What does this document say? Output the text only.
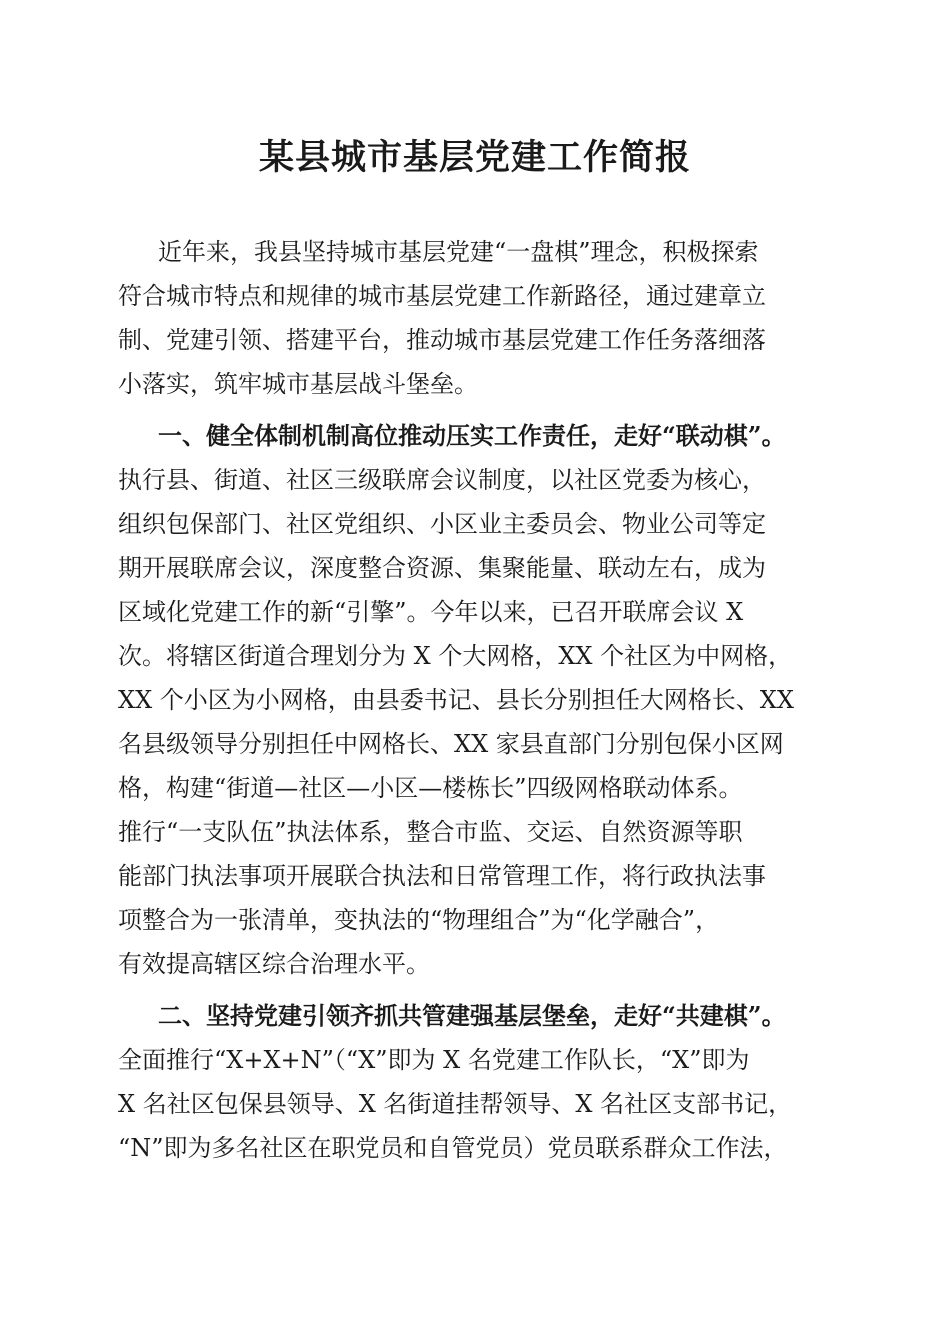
某县城市基层党建工作简报
近年来，我县坚持城市基层党建“一盘棋”理念，积极探索
符合城市特点和规律的城市基层党建工作新路径，通过建章立
制、党建引领、搭建平台，推动城市基层党建工作任务落细落
小落实，筑牢城市基层战斗堡垒。
一、健全体制机制高位推动压实工作责任，走好“联动棋”。
执行县、街道、社区三级联席会议制度，以社区党委为核心，
组织包保部门、社区党组织、小区业主委员会、物业公司等定
期开展联席会议，深度整合资源、集聚能量、联动左右，成为
区域化党建工作的新“引擎”。今年以来，已召开联席会议 X
次。将辖区街道合理划分为 X 个大网格，XX 个社区为中网格，
XX 个小区为小网格，由县委书记、县长分别担任大网格长、XX
名县级领导分别担任中网格长、XX 家县直部门分别包保小区网
格，构建“街道—社区—小区—楼栋长”四级网格联动体系。
推行“一支队伍”执法体系，整合市监、交运、自然资源等职
能部门执法事项开展联合执法和日常管理工作，将行政执法事
项整合为一张清单，变执法的“物理组合”为“化学融合”，
有效提高辖区综合治理水平。
二、坚持党建引领齐抓共管建强基层堡垒，走好“共建棋”。
全面推行“X+X+N”（“X”即为 X 名党建工作队长，“X”即为
X 名社区包保县领导、X 名街道挂帮领导、X 名社区支部书记，
“N”即为多名社区在职党员和自管党员）党员联系群众工作法，
